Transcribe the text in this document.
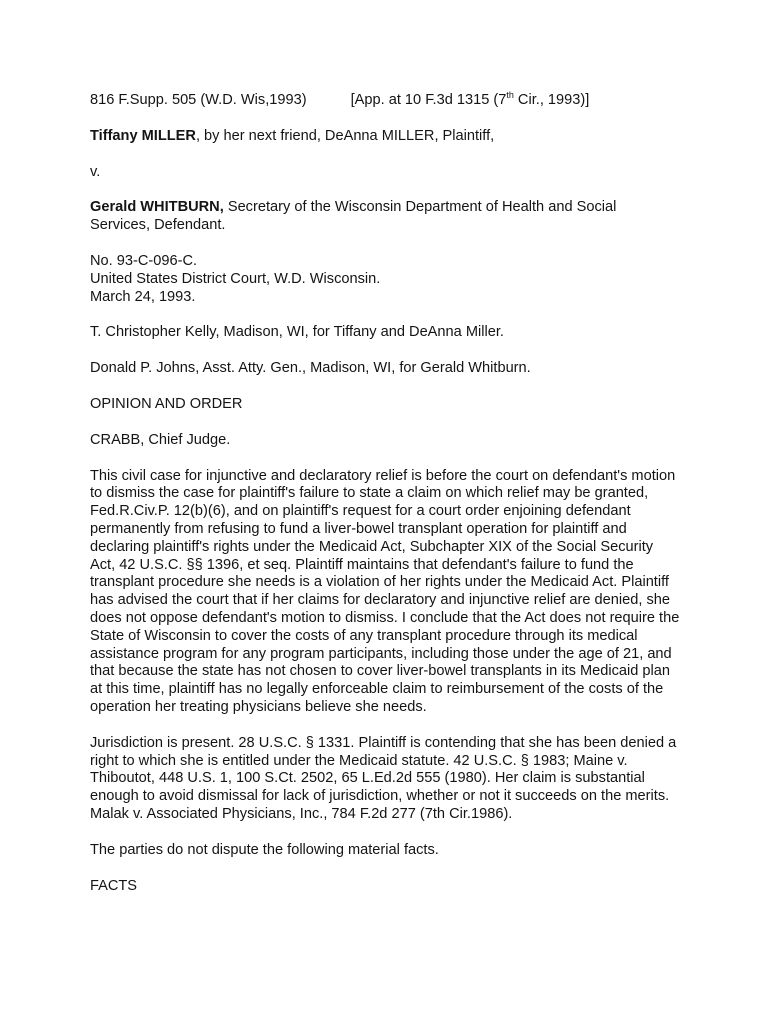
816 F.Supp. 505 (W.D. Wis,1993)	[App. at 10 F.3d 1315 (7th Cir., 1993)]

Tiffany MILLER, by her next friend, DeAnna MILLER, Plaintiff,

v.

Gerald WHITBURN, Secretary of the Wisconsin Department of Health and Social Services, Defendant.

No. 93-C-096-C.
United States District Court, W.D. Wisconsin.
March 24, 1993.

T. Christopher Kelly, Madison, WI, for Tiffany and DeAnna Miller.

Donald P. Johns, Asst. Atty. Gen., Madison, WI, for Gerald Whitburn.

OPINION AND ORDER

CRABB, Chief Judge.

This civil case for injunctive and declaratory relief is before the court on defendant's motion to dismiss the case for plaintiff's failure to state a claim on which relief may be granted, Fed.R.Civ.P. 12(b)(6), and on plaintiff's request for a court order enjoining defendant permanently from refusing to fund a liver-bowel transplant operation for plaintiff and declaring plaintiff's rights under the Medicaid Act, Subchapter XIX of the Social Security Act, 42 U.S.C. §§ 1396, et seq. Plaintiff maintains that defendant's failure to fund the transplant procedure she needs is a violation of her rights under the Medicaid Act. Plaintiff has advised the court that if her claims for declaratory and injunctive relief are denied, she does not oppose defendant's motion to dismiss. I conclude that the Act does not require the State of Wisconsin to cover the costs of any transplant procedure through its medical assistance program for any program participants, including those under the age of 21, and that because the state has not chosen to cover liver-bowel transplants in its Medicaid plan at this time, plaintiff has no legally enforceable claim to reimbursement of the costs of the operation her treating physicians believe she needs.

Jurisdiction is present. 28 U.S.C. § 1331. Plaintiff is contending that she has been denied a right to which she is entitled under the Medicaid statute. 42 U.S.C. § 1983; Maine v. Thiboutot, 448 U.S. 1, 100 S.Ct. 2502, 65 L.Ed.2d 555 (1980). Her claim is substantial enough to avoid dismissal for lack of jurisdiction, whether or not it succeeds on the merits. Malak v. Associated Physicians, Inc., 784 F.2d 277 (7th Cir.1986).

The parties do not dispute the following material facts.

FACTS
